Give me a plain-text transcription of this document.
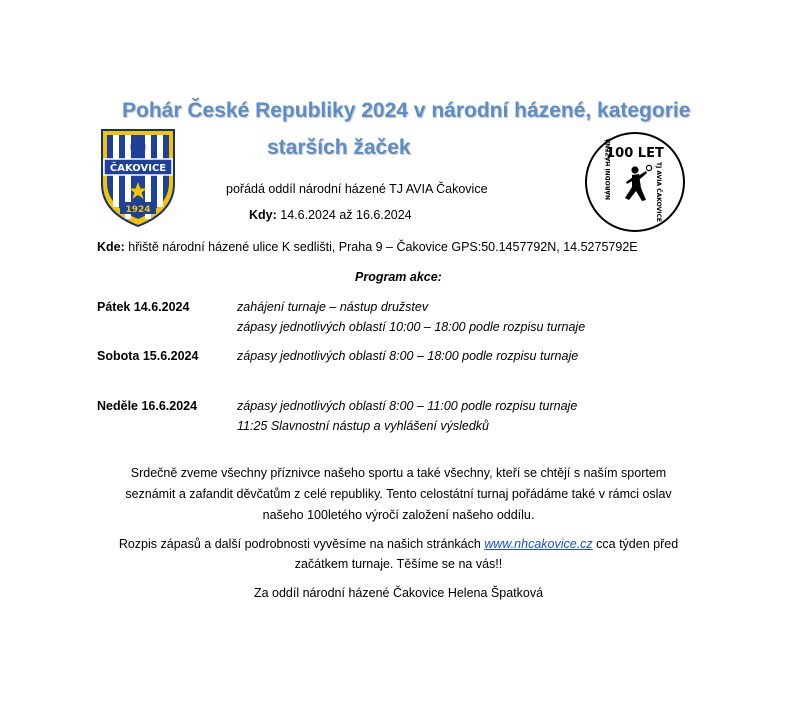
Pohár České Republiky 2024 v národní házené, kategorie
starších žaček
N H
ČAKOVICE
1924
100 LET
NÁRODNÍ HÁZENÁ	TJ AVIA ČAKOVICE
pořádá oddíl národní házené TJ AVIA Čakovice
Kdy: 14.6.2024 až 16.6.2024
Kde: hřiště národní házené ulice K sedlišti, Praha 9 – Čakovice GPS:50.1457792N, 14.5275792E
Program akce:
Pátek 14.6.2024	zahájení turnaje – nástup družstev
zápasy jednotlivých oblastí 10:00 – 18:00 podle rozpisu turnaje
Sobota 15.6.2024	zápasy jednotlivých oblastí 8:00 – 18:00 podle rozpisu turnaje
Neděle 16.6.2024	zápasy jednotlivých oblastí 8:00 – 11:00 podle rozpisu turnaje
11:25 Slavnostní nástup a vyhlášení výsledků
Srdečně zveme všechny příznivce našeho sportu a také všechny, kteří se chtějí s naším sportem
seznámit a zafandit děvčatům z celé republiky. Tento celostátní turnaj pořádáme také v rámci oslav
našeho 100letého výročí založení našeho oddílu.
Rozpis zápasů a další podrobnosti vyvěsíme na našich stránkách www.nhcakovice.cz cca týden před
začátkem turnaje. Těšíme se na vás!!
Za oddíl národní házené Čakovice Helena Špatková
